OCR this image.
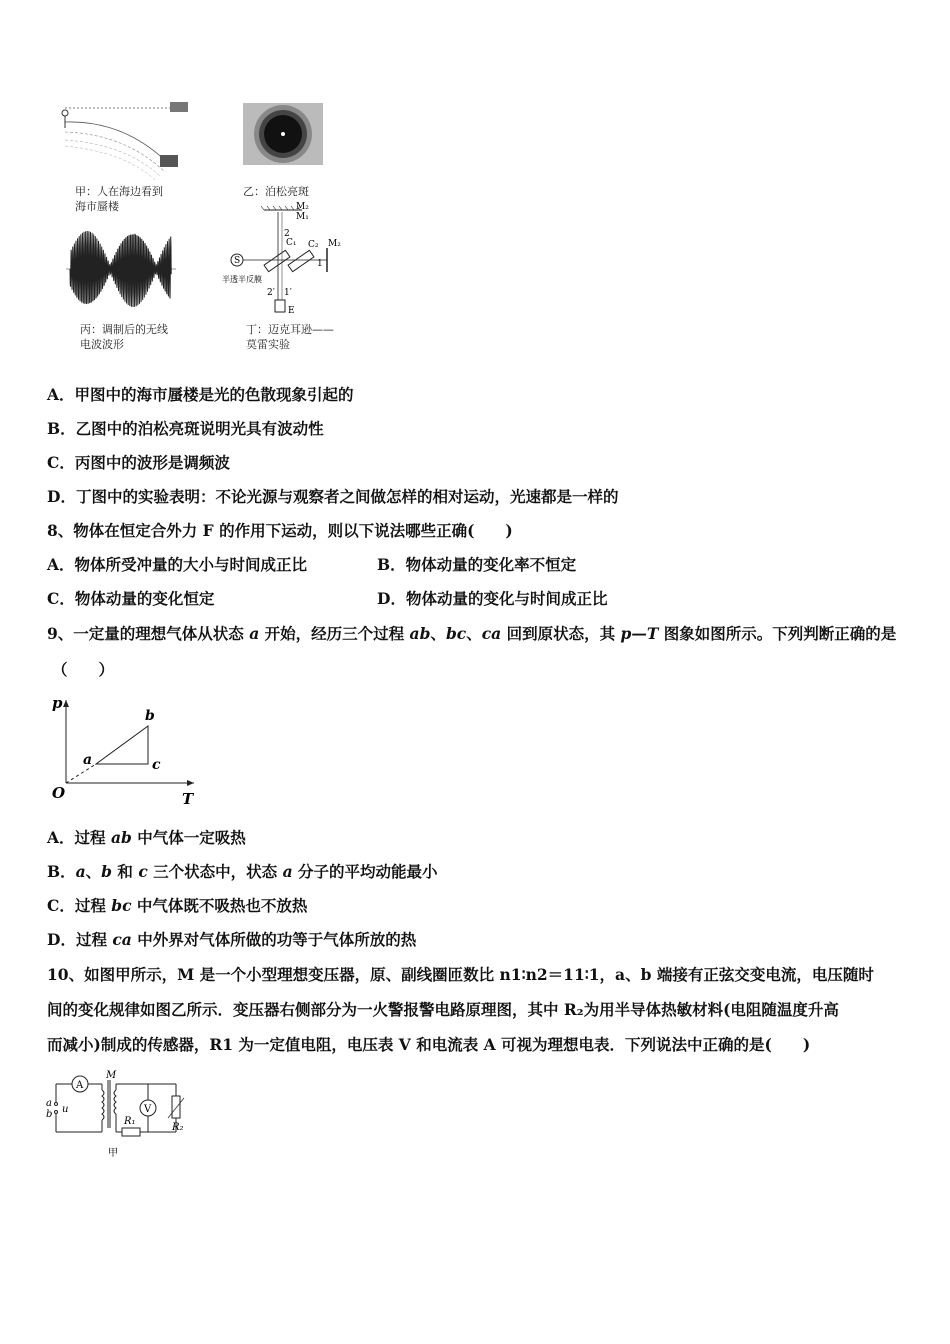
甲：人在海边看到
海市蜃楼
乙：泊松亮斑
丙：调制后的无线
电波波形
M₂
M₁
S
C₁ C₂ M₂
2
1
半透半反膜
2′ 1′
E
丁：迈克耳逊——
莫雷实验
A．甲图中的海市蜃楼是光的色散现象引起的
B．乙图中的泊松亮斑说明光具有波动性
C．丙图中的波形是调频波
D．丁图中的实验表明：不论光源与观察者之间做怎样的相对运动，光速都是一样的
8、物体在恒定合外力 F 的作用下运动，则以下说法哪些正确(　　)
A．物体所受冲量的大小与时间成正比	B．物体动量的变化率不恒定
C．物体动量的变化恒定	D．物体动量的变化与时间成正比
9、一定量的理想气体从状态 a 开始，经历三个过程 ab、bc、ca 回到原状态，其 p—T 图象如图所示。下列判断正确的是
（　　）
p
T
O
a
b
c
A．过程 ab 中气体一定吸热
B．a、b 和 c 三个状态中，状态 a 分子的平均动能最小
C．过程 bc 中气体既不吸热也不放热
D．过程 ca 中外界对气体所做的功等于气体所放的热
10、如图甲所示，M 是一个小型理想变压器，原、副线圈匝数比 n1∶n2＝11∶1，a、b 端接有正弦交变电流，电压随时
间的变化规律如图乙所示．变压器右侧部分为一火警报警电路原理图，其中 R₂为用半导体热敏材料(电阻随温度升高
而减小)制成的传感器，R1 为一定值电阻，电压表 V 和电流表 A 可视为理想电表．下列说法中正确的是(　　)
A
a
b u
M
R₁
V
R₂
甲
